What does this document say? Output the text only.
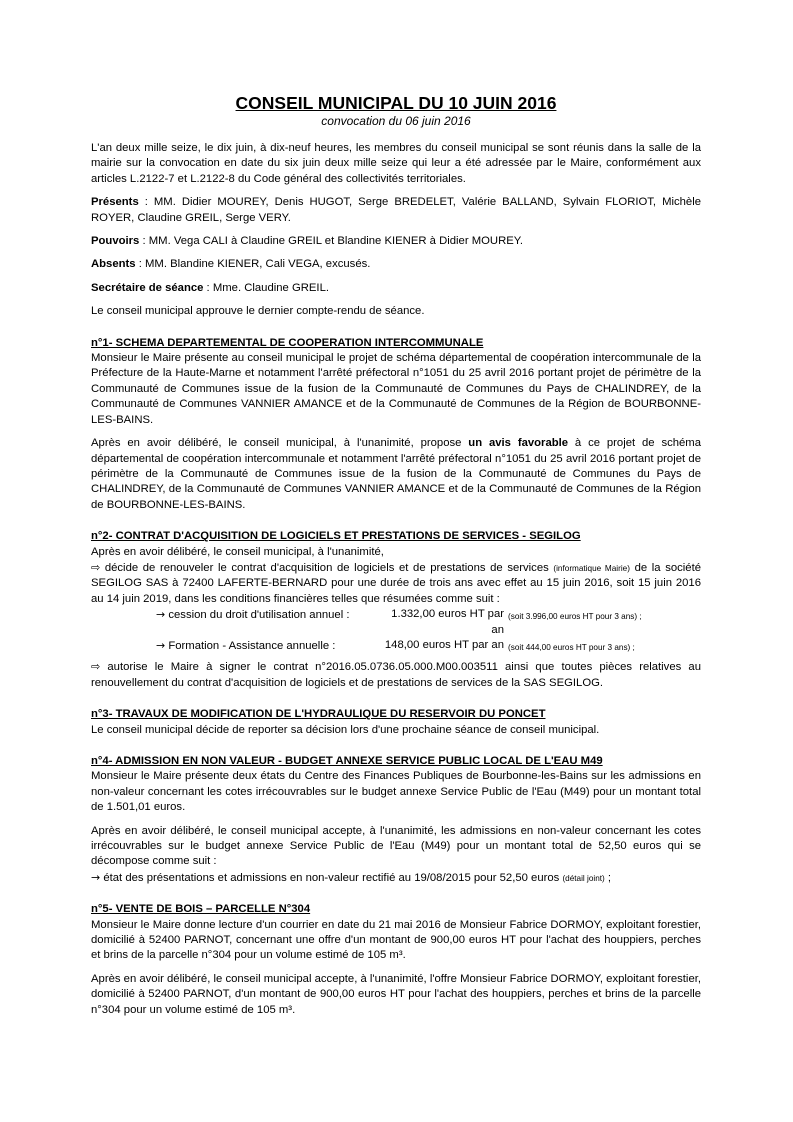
CONSEIL MUNICIPAL DU 10 JUIN 2016

convocation du 06 juin 2016

L'an deux mille seize, le dix juin, à dix-neuf heures, les membres du conseil municipal se sont réunis dans la salle de la mairie sur la convocation en date du six juin deux mille seize qui leur a été adressée par le Maire, conformément aux articles L.2122-7 et L.2122-8 du Code général des collectivités territoriales.

Présents : MM. Didier MOUREY, Denis HUGOT, Serge BREDELET, Valérie BALLAND, Sylvain FLORIOT, Michèle ROYER, Claudine GREIL, Serge VERY.

Pouvoirs : MM. Vega CALI à Claudine GREIL et Blandine KIENER à Didier MOUREY.

Absents : MM. Blandine KIENER, Cali VEGA, excusés.

Secrétaire de séance : Mme. Claudine GREIL.

Le conseil municipal approuve le dernier compte-rendu de séance.

n°1- SCHEMA DEPARTEMENTAL DE COOPERATION INTERCOMMUNALE

Monsieur le Maire présente au conseil municipal le projet de schéma départemental de coopération intercommunale de la Préfecture de la Haute-Marne et notamment l'arrêté préfectoral n°1051 du 25 avril 2016 portant projet de périmètre de la Communauté de Communes issue de la fusion de la Communauté de Communes du Pays de CHALINDREY, de la Communauté de Communes VANNIER AMANCE et de la Communauté de Communes de la Région de BOURBONNE-LES-BAINS.

Après en avoir délibéré, le conseil municipal, à l'unanimité, propose un avis favorable à ce projet de schéma départemental de coopération intercommunale et notamment l'arrêté préfectoral n°1051 du 25 avril 2016 portant projet de périmètre de la Communauté de Communes issue de la fusion de la Communauté de Communes du Pays de CHALINDREY, de la Communauté de Communes VANNIER AMANCE et de la Communauté de Communes de la Région de BOURBONNE-LES-BAINS.

n°2- CONTRAT D'ACQUISITION DE LOGICIELS ET PRESTATIONS DE SERVICES - SEGILOG

Après en avoir délibéré, le conseil municipal, à l'unanimité,

⇨ décide de renouveler le contrat d'acquisition de logiciels et de prestations de services (informatique Mairie) de la société SEGILOG SAS à 72400 LAFERTE-BERNARD pour une durée de trois ans avec effet au 15 juin 2016, soit 15 juin 2016 au 14 juin 2019, dans les conditions financières telles que résumées comme suit :

→ cession du droit d'utilisation annuel :	1.332,00 euros HT par an
(soit 3.996,00 euros HT pour 3 ans) ;
→ Formation - Assistance annuelle :	148,00 euros HT par an (soit 444,00 euros HT pour 3 ans) ;

⇨ autorise le Maire à signer le contrat n°2016.05.0736.05.000.M00.003511 ainsi que toutes pièces relatives au renouvellement du contrat d'acquisition de logiciels et de prestations de services de la SAS SEGILOG.

n°3- TRAVAUX DE MODIFICATION DE L'HYDRAULIQUE DU RESERVOIR DU PONCET

Le conseil municipal décide de reporter sa décision lors d'une prochaine séance de conseil municipal.

n°4- ADMISSION EN NON VALEUR - BUDGET ANNEXE SERVICE PUBLIC LOCAL DE L'EAU M49

Monsieur le Maire présente deux états du Centre des Finances Publiques de Bourbonne-les-Bains sur les admissions en non-valeur concernant les cotes irrécouvrables sur le budget annexe Service Public de l'Eau (M49) pour un montant total de 1.501,01 euros.

Après en avoir délibéré, le conseil municipal accepte, à l'unanimité, les admissions en non-valeur concernant les cotes irrécouvrables sur le budget annexe Service Public de l'Eau (M49) pour un montant total de 52,50 euros qui se décompose comme suit :

→ état des présentations et admissions en non-valeur rectifié au 19/08/2015 pour 52,50 euros (détail joint) ;

n°5- VENTE DE BOIS – PARCELLE N°304

Monsieur le Maire donne lecture d'un courrier en date du 21 mai 2016 de Monsieur Fabrice DORMOY, exploitant forestier, domicilié à 52400 PARNOT, concernant une offre d'un montant de 900,00 euros HT pour l'achat des houppiers, perches et brins de la parcelle n°304 pour un volume estimé de 105 m³.

Après en avoir délibéré, le conseil municipal accepte, à l'unanimité, l'offre Monsieur Fabrice DORMOY, exploitant forestier, domicilié à 52400 PARNOT, d'un montant de 900,00 euros HT pour l'achat des houppiers, perches et brins de la parcelle n°304 pour un volume estimé de 105 m³.
